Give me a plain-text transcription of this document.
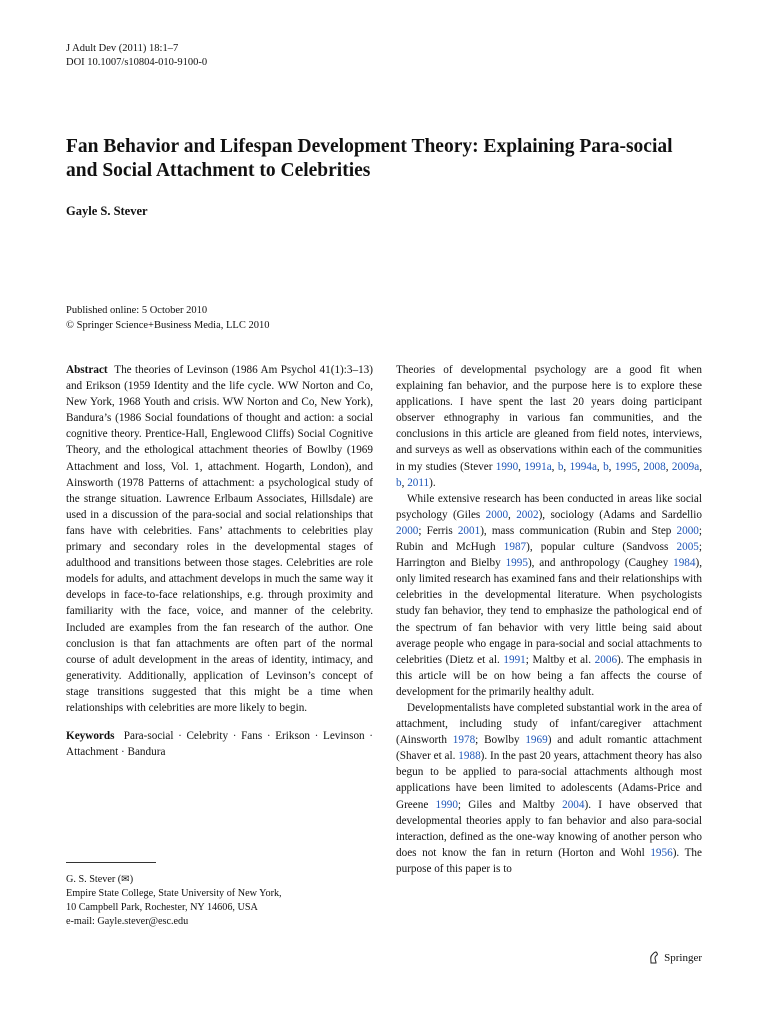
J Adult Dev (2011) 18:1–7
DOI 10.1007/s10804-010-9100-0
Fan Behavior and Lifespan Development Theory: Explaining Para-social and Social Attachment to Celebrities
Gayle S. Stever
Published online: 5 October 2010
© Springer Science+Business Media, LLC 2010
Abstract The theories of Levinson (1986 Am Psychol 41(1):3–13) and Erikson (1959 Identity and the life cycle. WW Norton and Co, New York, 1968 Youth and crisis. WW Norton and Co, New York), Bandura’s (1986 Social foundations of thought and action: a social cognitive theory. Prentice-Hall, Englewood Cliffs) Social Cognitive Theory, and the ethological attachment theories of Bowlby (1969 Attachment and loss, Vol. 1, attachment. Hogarth, London), and Ainsworth (1978 Patterns of attachment: a psychological study of the strange situation. Lawrence Erlbaum Associates, Hillsdale) are used in a discussion of the para-social and social relationships that fans have with celebrities. Fans’ attachments to celebrities play primary and secondary roles in the developmental stages of adulthood and transitions between those stages. Celebrities are role models for adults, and attachment develops in much the same way it develops in face-to-face relationships, e.g. through proximity and familiarity with the face, voice, and manner of the celebrity. Included are examples from the fan research of the author. One conclusion is that fan attachments are often part of the normal course of adult development in the areas of identity, intimacy, and generativity. Additionally, application of Levinson’s concept of stage transitions suggested that this might be a time when relationships with celebrities are more likely to begin.
Keywords Para-social · Celebrity · Fans · Erikson · Levinson · Attachment · Bandura
G. S. Stever (✉)
Empire State College, State University of New York,
10 Campbell Park, Rochester, NY 14606, USA
e-mail: Gayle.stever@esc.edu

Theories of developmental psychology are a good fit when explaining fan behavior, and the purpose here is to explore these applications. I have spent the last 20 years doing participant observer ethnography in various fan communities, and the conclusions in this article are gleaned from field notes, interviews, and surveys as well as observations within each of the communities in my studies (Stever 1990, 1991a, b, 1994a, b, 1995, 2008, 2009a, b, 2011).

While extensive research has been conducted in areas like social psychology (Giles 2000, 2002), sociology (Adams and Sardellio 2000; Ferris 2001), mass communication (Rubin and Step 2000; Rubin and McHugh 1987), popular culture (Sandvoss 2005; Harrington and Bielby 1995), and anthropology (Caughey 1984), only limited research has examined fans and their relationships with celebrities in the developmental literature. When psychologists study fan behavior, they tend to emphasize the pathological end of the spectrum of fan behavior with very little being said about average people who engage in para-social and social attachments to celebrities (Dietz et al. 1991; Maltby et al. 2006). The emphasis in this article will be on how being a fan affects the course of development for the primarily healthy adult.

Developmentalists have completed substantial work in the area of attachment, including study of infant/caregiver attachment (Ainsworth 1978; Bowlby 1969) and adult romantic attachment (Shaver et al. 1988). In the past 20 years, attachment theory has also begun to be applied to para-social attachments although most applications have been limited to adolescents (Adams-Price and Greene 1990; Giles and Maltby 2004). I have observed that developmental theories apply to fan behavior and also para-social interaction, defined as the one-way knowing of another person who does not know the fan in return (Horton and Wohl 1956). The purpose of this paper is to

Springer
